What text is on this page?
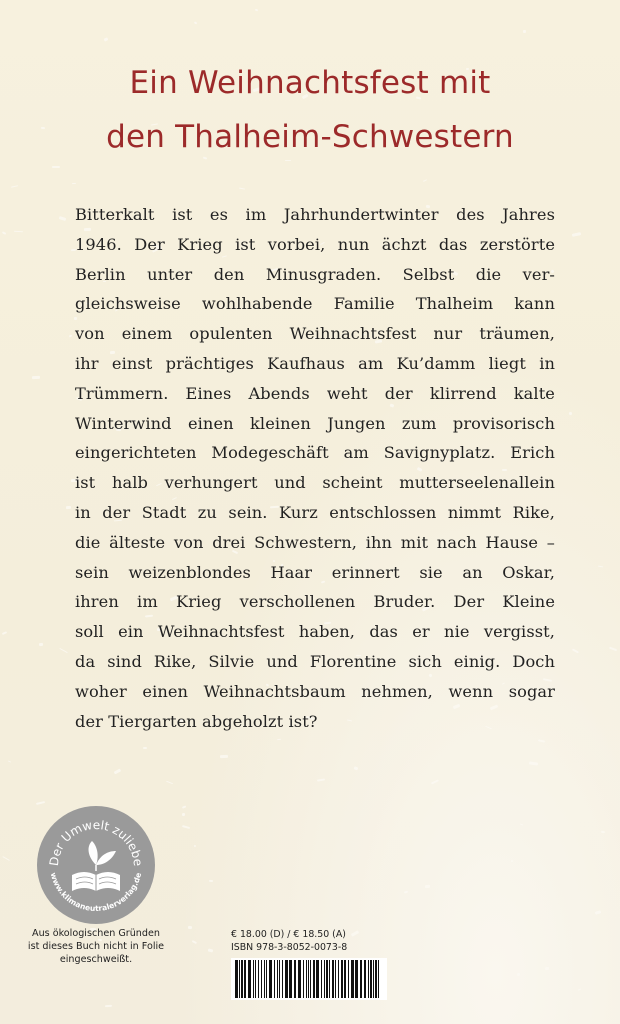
Ein Weihnachtsfest mit
den Thalheim-Schwestern
Bitterkalt ist es im Jahrhundertwinter des Jahres
1946. Der Krieg ist vorbei, nun ächzt das zerstörte
Berlin unter den Minusgraden. Selbst die ver-
gleichsweise wohlhabende Familie Thalheim kann
von einem opulenten Weihnachtsfest nur träumen,
ihr einst prächtiges Kaufhaus am Ku’damm liegt in
Trümmern. Eines Abends weht der klirrend kalte
Winterwind einen kleinen Jungen zum provisorisch
eingerichteten Modegeschäft am Savignyplatz. Erich
ist halb verhungert und scheint mutterseelenallein
in der Stadt zu sein. Kurz entschlossen nimmt Rike,
die älteste von drei Schwestern, ihn mit nach Hause –
sein weizenblondes Haar erinnert sie an Oskar,
ihren im Krieg verschollenen Bruder. Der Kleine
soll ein Weihnachtsfest haben, das er nie vergisst,
da sind Rike, Silvie und Florentine sich einig. Doch
woher einen Weihnachtsbaum nehmen, wenn sogar
der Tiergarten abgeholzt ist?
Der Umwelt zuliebe
www.klimaneutralerverlag.de
Aus ökologischen Gründen
ist dieses Buch nicht in Folie
eingeschweißt.
€ 18.00 (D) / € 18.50 (A)
ISBN 978-3-8052-0073-8
